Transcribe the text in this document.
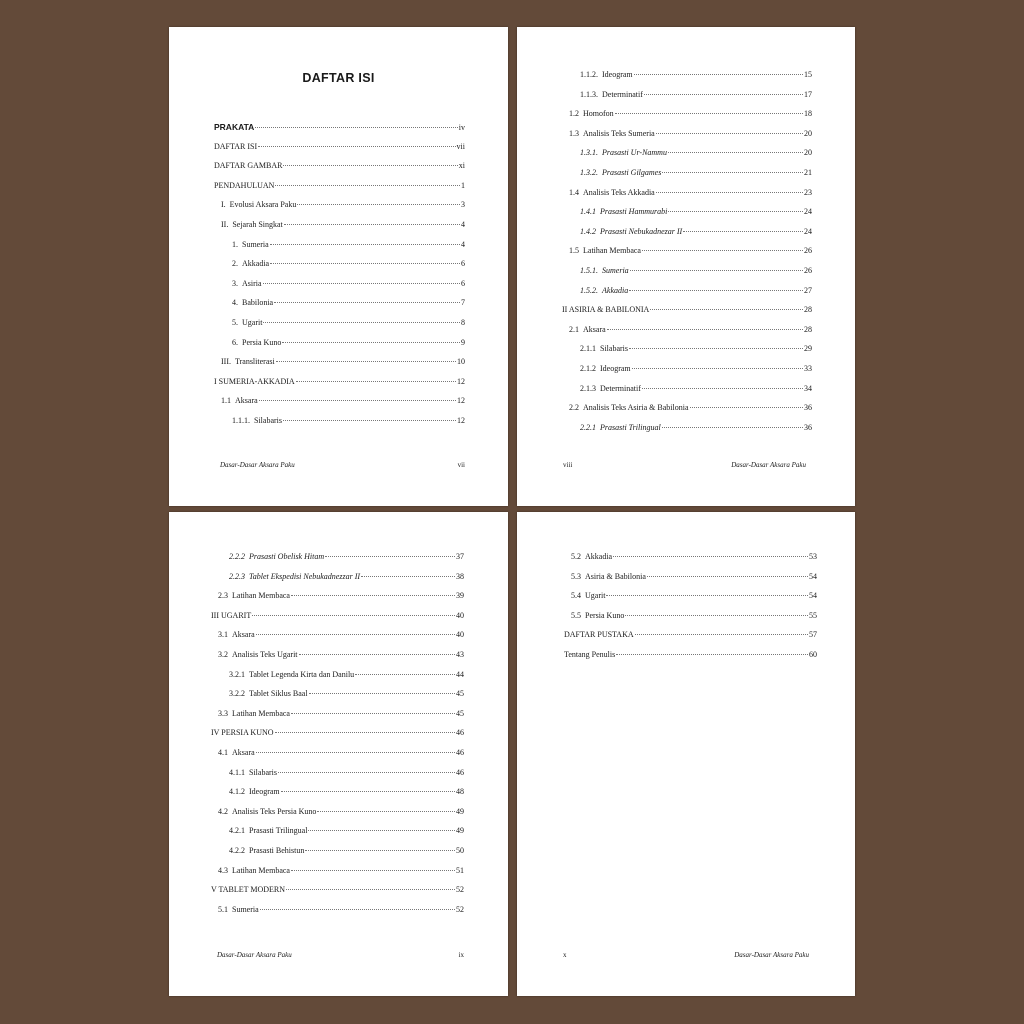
DAFTAR ISI
PRAKATA	iv
DAFTAR ISI	vii
DAFTAR GAMBAR	xi
PENDAHULUAN	1
I. Evolusi Aksara Paku	3
II. Sejarah Singkat	4
1. Sumeria	4
2. Akkadia	6
3. Asiria	6
4. Babilonia	7
5. Ugarit	8
6. Persia Kuno	9
III. Transliterasi	10
I SUMERIA-AKKADIA	12
1.1 Aksara	12
1.1.1. Silabaris	12
Dasar-Dasar Aksara Paku	vii
1.1.2. Ideogram	15
1.1.3. Determinatif	17
1.2 Homofon	18
1.3 Analisis Teks Sumeria	20
1.3.1. Prasasti Ur-Nammu	20
1.3.2. Prasasti Gilgames	21
1.4 Analisis Teks Akkadia	23
1.4.1 Prasasti Hammurabi	24
1.4.2 Prasasti Nebukadnezar II	24
1.5 Latihan Membaca	26
1.5.1. Sumeria	26
1.5.2. Akkadia	27
II ASIRIA & BABILONIA	28
2.1 Aksara	28
2.1.1 Silabaris	29
2.1.2 Ideogram	33
2.1.3 Determinatif	34
2.2 Analisis Teks Asiria & Babilonia	36
2.2.1 Prasasti Trilingual	36
viii	Dasar-Dasar Aksara Paku
2.2.2 Prasasti Obelisk Hitam	37
2.2.3 Tablet Ekspedisi Nebukadnezzar II	38
2.3 Latihan Membaca	39
III UGARIT	40
3.1 Aksara	40
3.2 Analisis Teks Ugarit	43
3.2.1 Tablet Legenda Kirta dan Danilu	44
3.2.2 Tablet Siklus Baal	45
3.3 Latihan Membaca	45
IV PERSIA KUNO	46
4.1 Aksara	46
4.1.1 Silabaris	46
4.1.2 Ideogram	48
4.2 Analisis Teks Persia Kuno	49
4.2.1 Prasasti Trilingual	49
4.2.2 Prasasti Behistun	50
4.3 Latihan Membaca	51
V TABLET MODERN	52
5.1 Sumeria	52
Dasar-Dasar Aksara Paku	ix
5.2 Akkadia	53
5.3 Asiria & Babilonia	54
5.4 Ugarit	54
5.5 Persia Kuno	55
DAFTAR PUSTAKA	57
Tentang Penulis	60
x	Dasar-Dasar Aksara Paku
